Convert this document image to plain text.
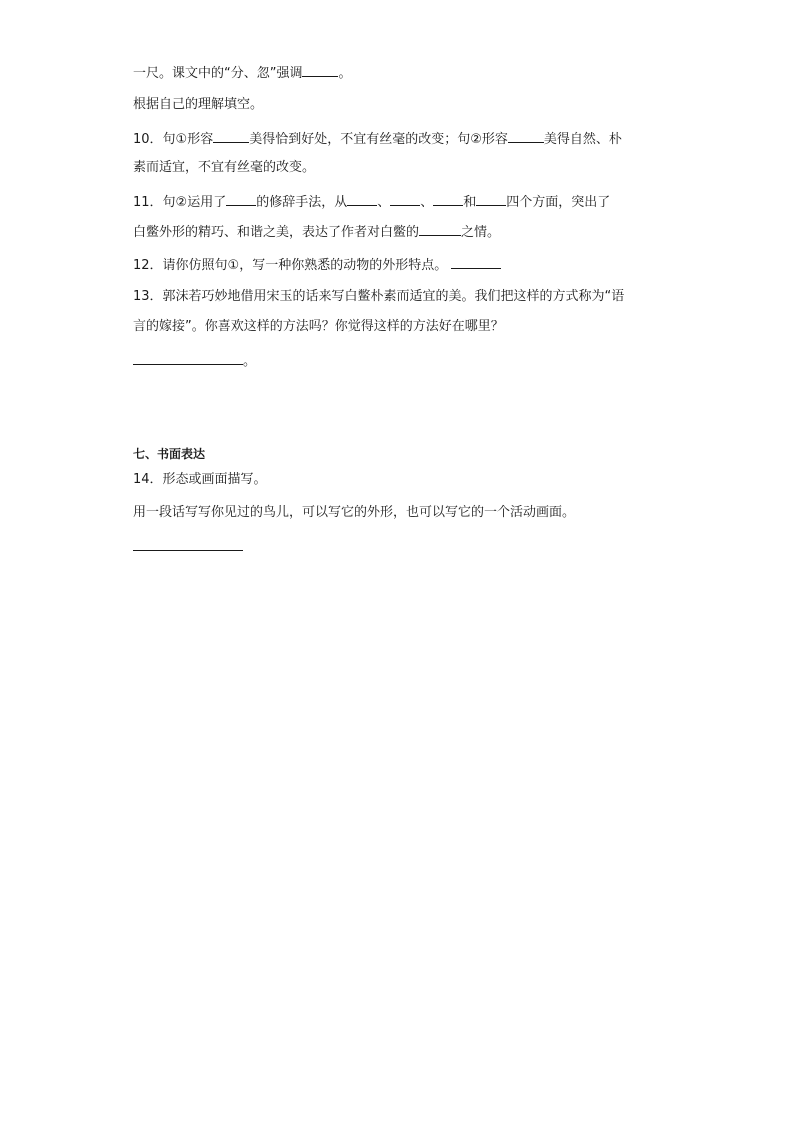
一尺。课文中的“分、忽”强调	。
根据自己的理解填空。
10．句①形容	美得恰到好处，不宜有丝毫的改变；句②形容	美得自然、朴
素而适宜，不宜有丝毫的改变。
11．句②运用了 的修辞手法，从 、 、 和 四个方面，突出了
白鳖外形的精巧、和谐之美，表达了作者对白鳖的	之情。
12．请你仿照句①，写一种你熟悉的动物的外形特点。
13．郭沫若巧妙地借用宋玉的话来写白鳖朴素而适宜的美。我们把这样的方式称为“语
言的嫁接”。你喜欢这样的方法吗？你觉得这样的方法好在哪里？
。
七、书面表达
14．形态或画面描写。
用一段话写写你见过的鸟儿，可以写它的外形，也可以写它的一个活动画面。
